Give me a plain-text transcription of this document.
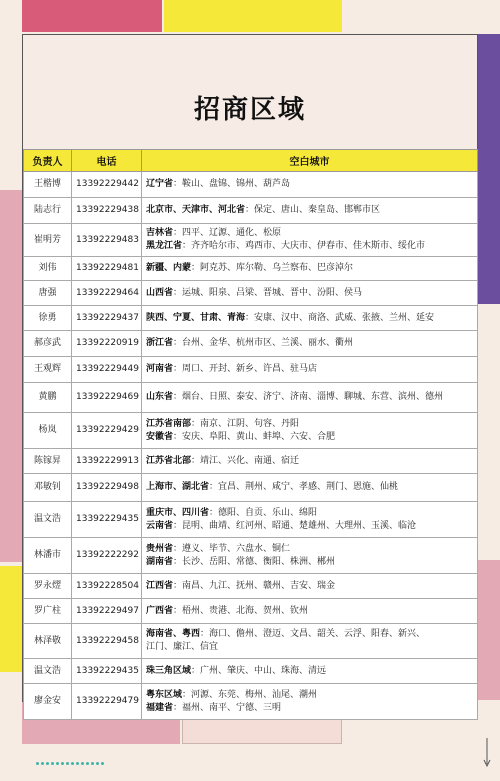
招商区域
负责人	电话	空白城市
王楷博	13392229442	辽宁省：鞍山、盘锦、锦州、葫芦岛

陆志行	13392229438	北京市、天津市、河北省：保定、唐山、秦皇岛、邯郸市区

崔明芳	13392229483	吉林省：四平、辽源、通化、松原
黑龙江省：齐齐哈尔市、鸡西市、大庆市、伊春市、佳木斯市、绥化市

刘伟	13392229481	新疆、内蒙：阿克苏、库尔勒、乌兰察布、巴彦淖尔

唐强	13392229464	山西省：运城、阳泉、吕梁、晋城、晋中、汾阳、侯马

徐勇	13392229437	陕西、宁夏、甘肃、青海：安康、汉中、商洛、武威、张掖、兰州、延安

郝彦武	13392220919	浙江省：台州、金华、杭州市区、兰溪、丽水、衢州

王观辉	13392229449	河南省：周口、开封、新乡、许昌、驻马店

黄鹏	13392229469	山东省：烟台、日照、泰安、济宁、济南、淄博、聊城、东营、滨州、德州

杨岚	13392229429	江苏省南部：南京、江阴、句容、丹阳
安徽省：安庆、阜阳、黄山、蚌埠、六安、合肥

陈镓昇	13392229913	江苏省北部：靖江、兴化、南通、宿迁

邓敏钊	13392229498	上海市、湖北省：宜昌、荆州、咸宁、孝感、荆门、恩施、仙桃

温文浩	13392229435	重庆市、四川省：德阳、自贡、乐山、绵阳
云南省：昆明、曲靖、红河州、昭通、楚雄州、大理州、玉溪、临沧

林潘市	13392222292	贵州省：遵义、毕节、六盘水、铜仁
湖南省：长沙、岳阳、常德、衡阳、株洲、郴州

罗永熤	13392228504	江西省：南昌、九江、抚州、赣州、吉安、瑞金

罗广柱	13392229497	广西省：梧州、贵港、北海、贺州、钦州

林泽敬	13392229458	海南省、粤西：海口、儋州、澄迈、文昌、韶关、云浮、阳春、新兴、
江门、廉江、信宜

温文浩	13392229435	珠三角区域：广州、肇庆、中山、珠海、清远

廖金安	13392229479	粤东区域：河源、东莞、梅州、汕尾、潮州
福建省：福州、南平、宁德、三明
